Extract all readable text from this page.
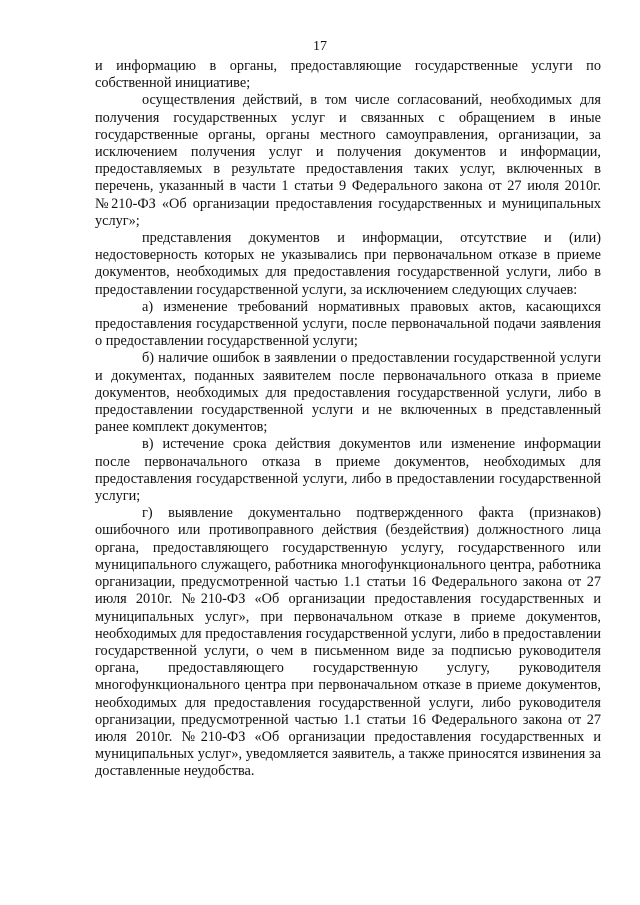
17

и информацию в органы, предоставляющие государственные услуги по собственной инициативе;

осуществления действий, в том числе согласований, необходимых для получения государственных услуг и связанных с обращением в иные государственные органы, органы местного самоуправления, организации, за исключением получения услуг и получения документов и информации, предоставляемых в результате предоставления таких услуг, включенных в перечень, указанный в части 1 статьи 9 Федерального закона от 27 июля 2010г. №210-ФЗ «Об организации предоставления государственных и муниципальных услуг»;

представления документов и информации, отсутствие и (или) недостоверность которых не указывались при первоначальном отказе в приеме документов, необходимых для предоставления государственной услуги, либо в предоставлении государственной услуги, за исключением следующих случаев:

а) изменение требований нормативных правовых актов, касающихся предоставления государственной услуги, после первоначальной подачи заявления о предоставлении государственной услуги;

б) наличие ошибок в заявлении о предоставлении государственной услуги и документах, поданных заявителем после первоначального отказа в приеме документов, необходимых для предоставления государственной услуги, либо в предоставлении государственной услуги и не включенных в представленный ранее комплект документов;

в) истечение срока действия документов или изменение информации после первоначального отказа в приеме документов, необходимых для предоставления государственной услуги, либо в предоставлении государственной услуги;

г) выявление документально подтвержденного факта (признаков) ошибочного или противоправного действия (бездействия) должностного лица органа, предоставляющего государственную услугу, государственного или муниципального служащего, работника многофункционального центра, работника организации, предусмотренной частью 1.1 статьи 16 Федерального закона от 27 июля 2010г. №210-ФЗ «Об организации предоставления государственных и муниципальных услуг», при первоначальном отказе в приеме документов, необходимых для предоставления государственной услуги, либо в предоставлении государственной услуги, о чем в письменном виде за подписью руководителя органа, предоставляющего государственную услугу, руководителя многофункционального центра при первоначальном отказе в приеме документов, необходимых для предоставления государственной услуги, либо руководителя организации, предусмотренной частью 1.1 статьи 16 Федерального закона от 27 июля 2010г. №210-ФЗ «Об организации предоставления государственных и муниципальных услуг», уведомляется заявитель, а также приносятся извинения за доставленные неудобства.
